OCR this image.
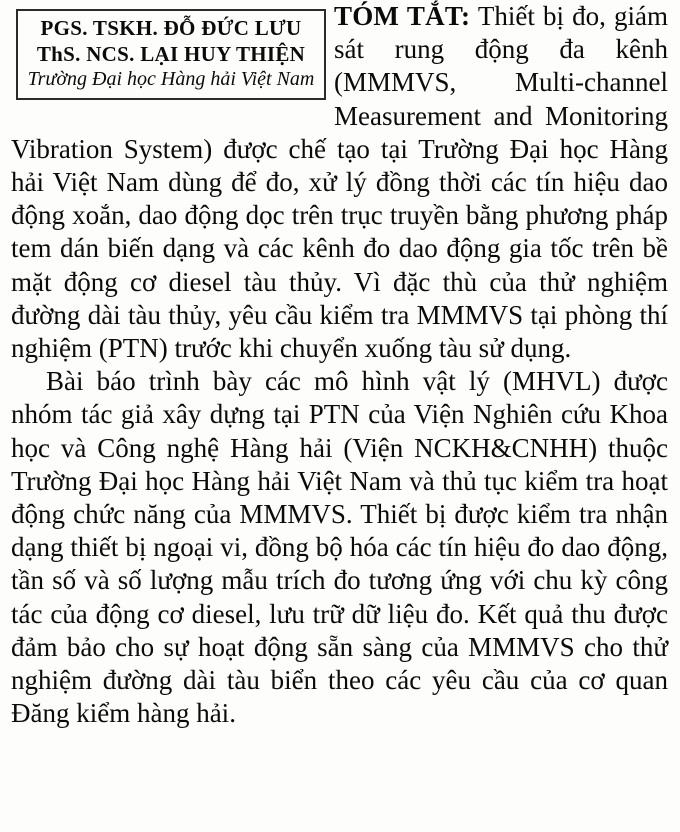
PGS. TSKH. ĐỖ ĐỨC LƯU
ThS. NCS. LẠI HUY THIỆN
Trường Đại học Hàng hải Việt Nam

TÓM TẮT: Thiết bị đo, giám sát rung động đa kênh (MMMVS, Multi-channel Measurement and Monitoring Vibration System) được chế tạo tại Trường Đại học Hàng hải Việt Nam dùng để đo, xử lý đồng thời các tín hiệu dao động xoắn, dao động dọc trên trục truyền bằng phương pháp tem dán biến dạng và các kênh đo dao động gia tốc trên bề mặt động cơ diesel tàu thủy. Vì đặc thù của thử nghiệm đường dài tàu thủy, yêu cầu kiểm tra MMMVS tại phòng thí nghiệm (PTN) trước khi chuyển xuống tàu sử dụng.

Bài báo trình bày các mô hình vật lý (MHVL) được nhóm tác giả xây dựng tại PTN của Viện Nghiên cứu Khoa học và Công nghệ Hàng hải (Viện NCKH&CNHH) thuộc Trường Đại học Hàng hải Việt Nam và thủ tục kiểm tra hoạt động chức năng của MMMVS. Thiết bị được kiểm tra nhận dạng thiết bị ngoại vi, đồng bộ hóa các tín hiệu đo dao động, tần số và số lượng mẫu trích đo tương ứng với chu kỳ công tác của động cơ diesel, lưu trữ dữ liệu đo. Kết quả thu được đảm bảo cho sự hoạt động sẵn sàng của MMMVS cho thử nghiệm đường dài tàu biển theo các yêu cầu của cơ quan Đăng kiểm hàng hải.
